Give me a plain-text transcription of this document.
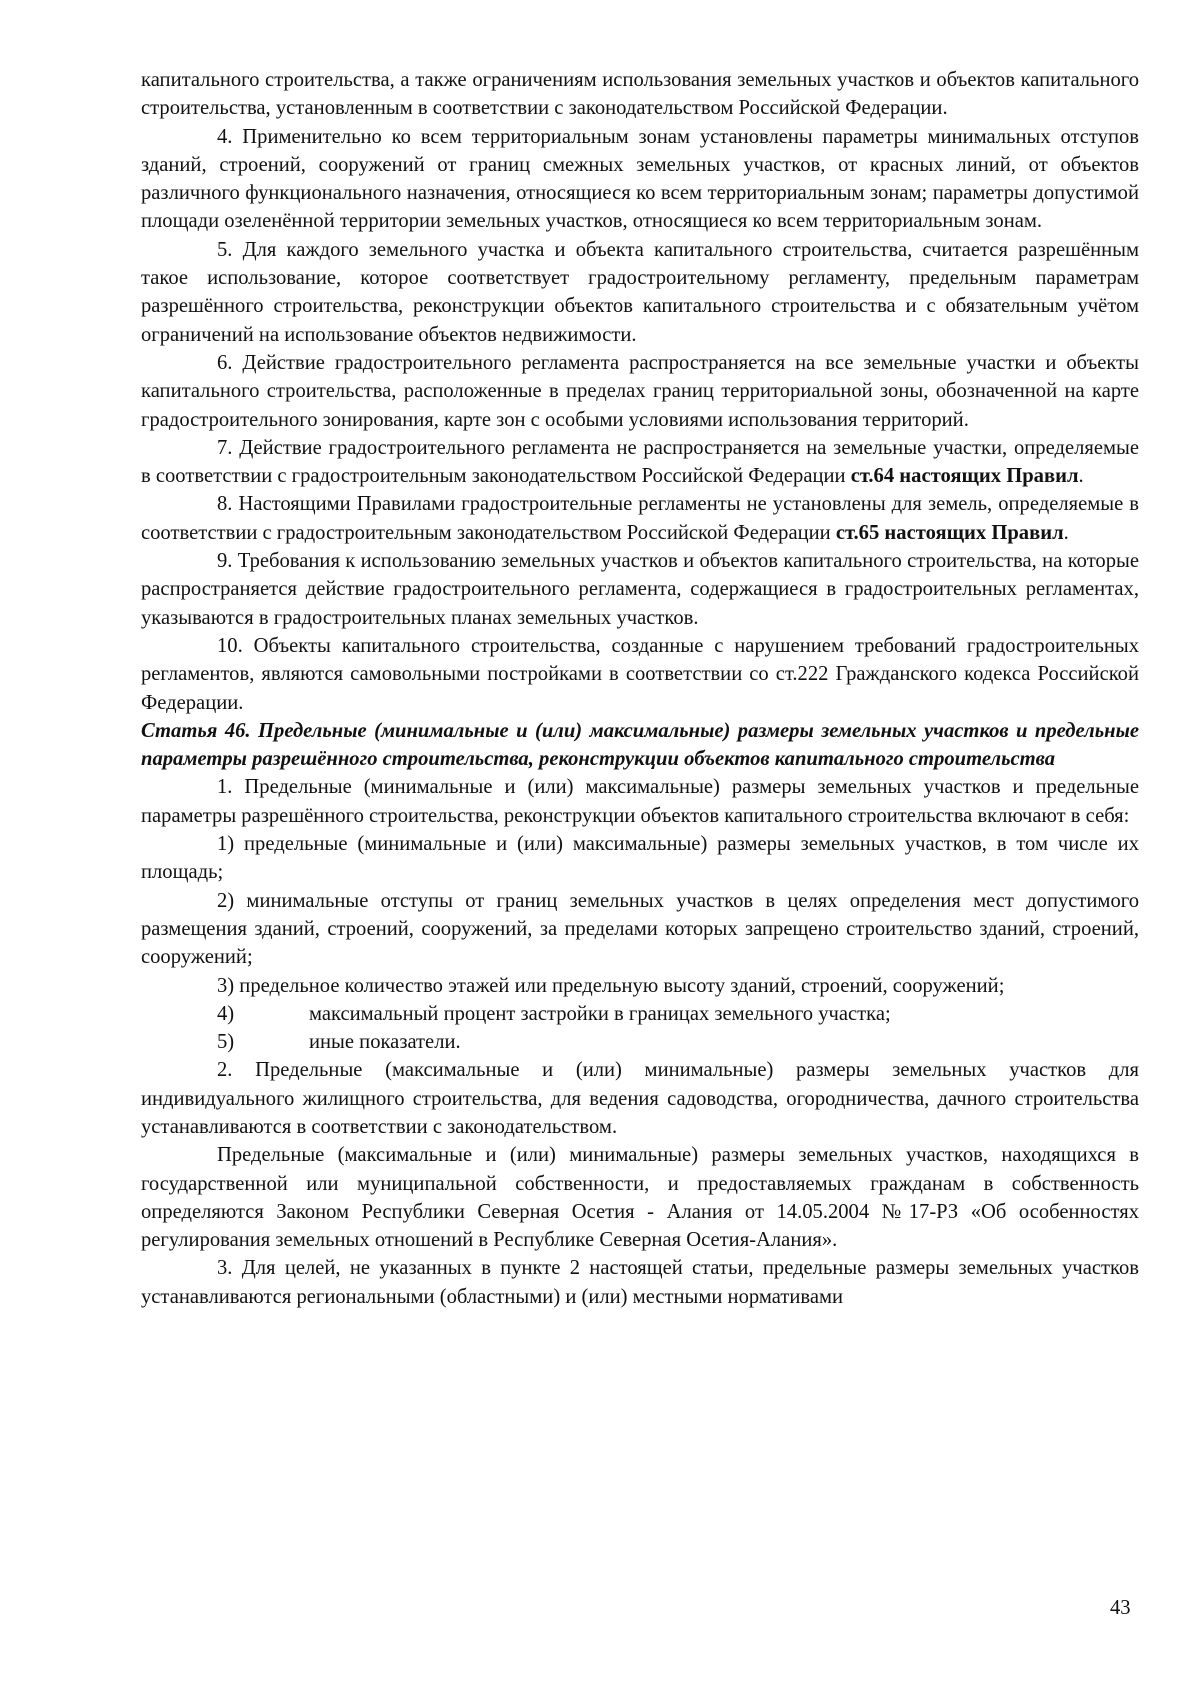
капитального строительства, а также ограничениям использования земельных участков и объектов капитального строительства, установленным в соответствии с законодательством Российской Федерации.

4. Применительно ко всем территориальным зонам установлены параметры минимальных отступов зданий, строений, сооружений от границ смежных земельных участков, от красных линий, от объектов различного функционального назначения, относящиеся ко всем территориальным зонам; параметры допустимой площади озеленённой территории земельных участков, относящиеся ко всем территориальным зонам.

5. Для каждого земельного участка и объекта капитального строительства, считается разрешённым такое использование, которое соответствует градостроительному регламенту, предельным параметрам разрешённого строительства, реконструкции объектов капитального строительства и с обязательным учётом ограничений на использование объектов недвижимости.

6. Действие градостроительного регламента распространяется на все земельные участки и объекты капитального строительства, расположенные в пределах границ территориальной зоны, обозначенной на карте градостроительного зонирования, карте зон с особыми условиями использования территорий.

7. Действие градостроительного регламента не распространяется на земельные участки, определяемые в соответствии с градостроительным законодательством Российской Федерации ст.64 настоящих Правил.

8. Настоящими Правилами градостроительные регламенты не установлены для земель, определяемые в соответствии с градостроительным законодательством Российской Федерации ст.65 настоящих Правил.

9. Требования к использованию земельных участков и объектов капитального строительства, на которые распространяется действие градостроительного регламента, содержащиеся в градостроительных регламентах, указываются в градостроительных планах земельных участков.

10. Объекты капитального строительства, созданные с нарушением требований градостроительных регламентов, являются самовольными постройками в соответствии со ст.222 Гражданского кодекса Российской Федерации.

Статья 46. Предельные (минимальные и (или) максимальные) размеры земельных участков и предельные параметры разрешённого строительства, реконструкции объектов капитального строительства

1. Предельные (минимальные и (или) максимальные) размеры земельных участков и предельные параметры разрешённого строительства, реконструкции объектов капитального строительства включают в себя:

1) предельные (минимальные и (или) максимальные) размеры земельных участков, в том числе их площадь;

2) минимальные отступы от границ земельных участков в целях определения мест допустимого размещения зданий, строений, сооружений, за пределами которых запрещено строительство зданий, строений, сооружений;

3) предельное количество этажей или предельную высоту зданий, строений, сооружений;

4)	максимальный процент застройки в границах земельного участка;

5)	иные показатели.

2. Предельные (максимальные и (или) минимальные) размеры земельных участков для индивидуального жилищного строительства, для ведения садоводства, огородничества, дачного строительства устанавливаются в соответствии с законодательством.

Предельные (максимальные и (или) минимальные) размеры земельных участков, находящихся в государственной или муниципальной собственности, и предоставляемых гражданам в собственность определяются Законом Республики Северная Осетия - Алания от 14.05.2004 №17-РЗ «Об особенностях регулирования земельных отношений в Республике Северная Осетия-Алания».

3. Для целей, не указанных в пункте 2 настоящей статьи, предельные размеры земельных участков устанавливаются региональными (областными) и (или) местными нормативами

43
